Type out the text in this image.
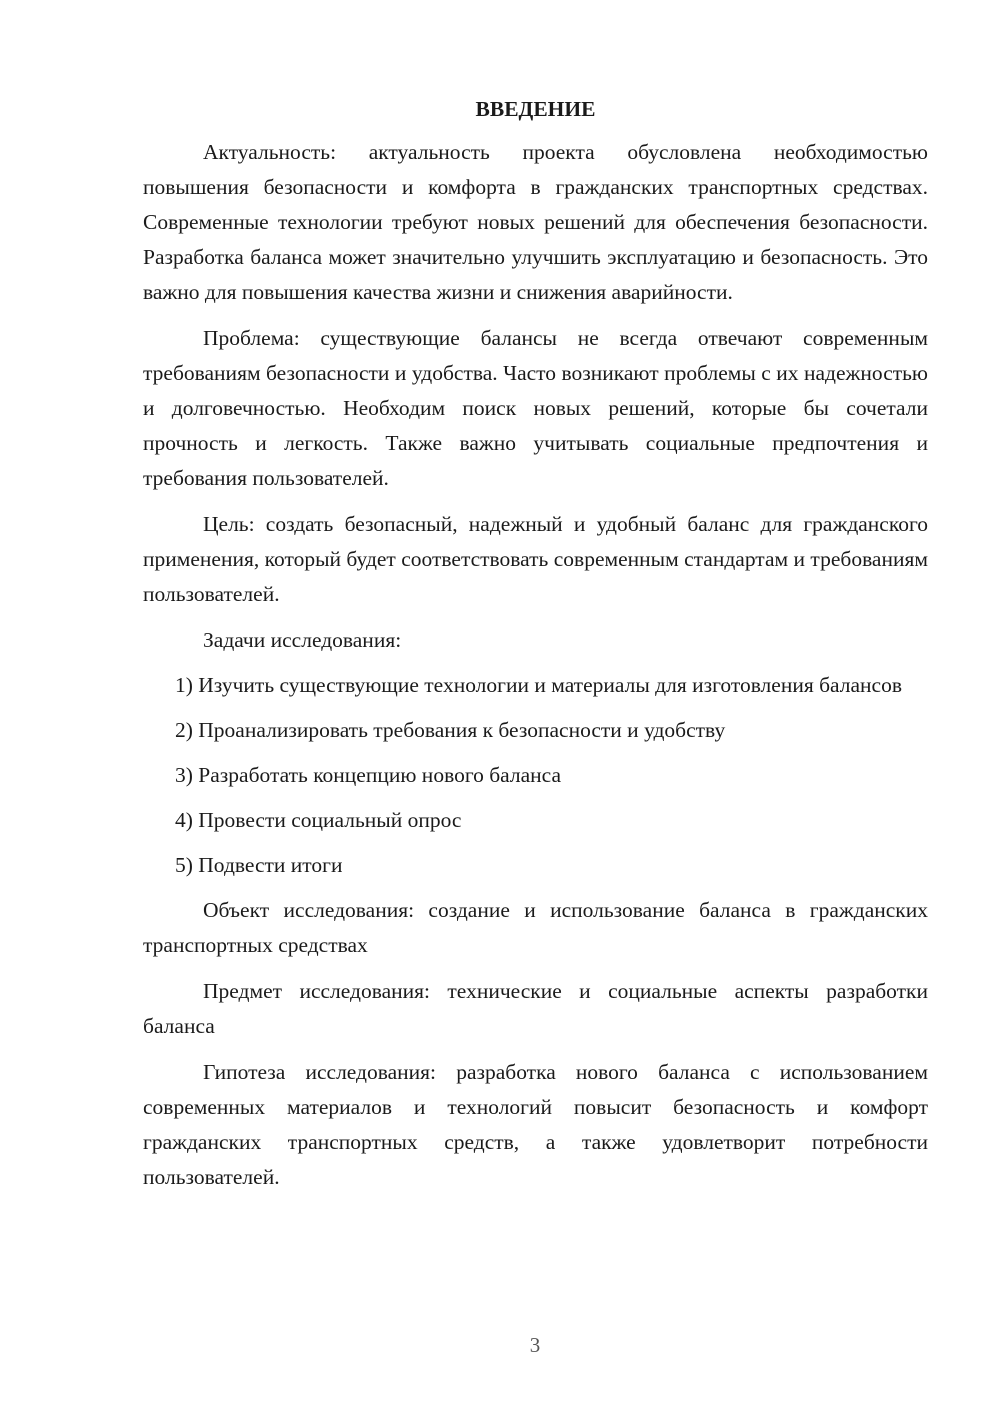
ВВЕДЕНИЕ

Актуальность: актуальность проекта обусловлена необходимостью повышения безопасности и комфорта в гражданских транспортных средствах. Современные технологии требуют новых решений для обеспечения безопасности. Разработка баланса может значительно улучшить эксплуатацию и безопасность. Это важно для повышения качества жизни и снижения аварийности.

Проблема: существующие балансы не всегда отвечают современным требованиям безопасности и удобства. Часто возникают проблемы с их надежностью и долговечностью. Необходим поиск новых решений, которые бы сочетали прочность и легкость. Также важно учитывать социальные предпочтения и требования пользователей.

Цель: создать безопасный, надежный и удобный баланс для гражданского применения, который будет соответствовать современным стандартам и требованиям пользователей.

Задачи исследования:

1) Изучить существующие технологии и материалы для изготовления балансов

2) Проанализировать требования к безопасности и удобству

3) Разработать концепцию нового баланса

4) Провести социальный опрос

5) Подвести итоги

Объект исследования: создание и использование баланса в гражданских транспортных средствах

Предмет исследования: технические и социальные аспекты разработки баланса

Гипотеза исследования: разработка нового баланса с использованием современных материалов и технологий повысит безопасность и комфорт гражданских транспортных средств, а также удовлетворит потребности пользователей.

3
